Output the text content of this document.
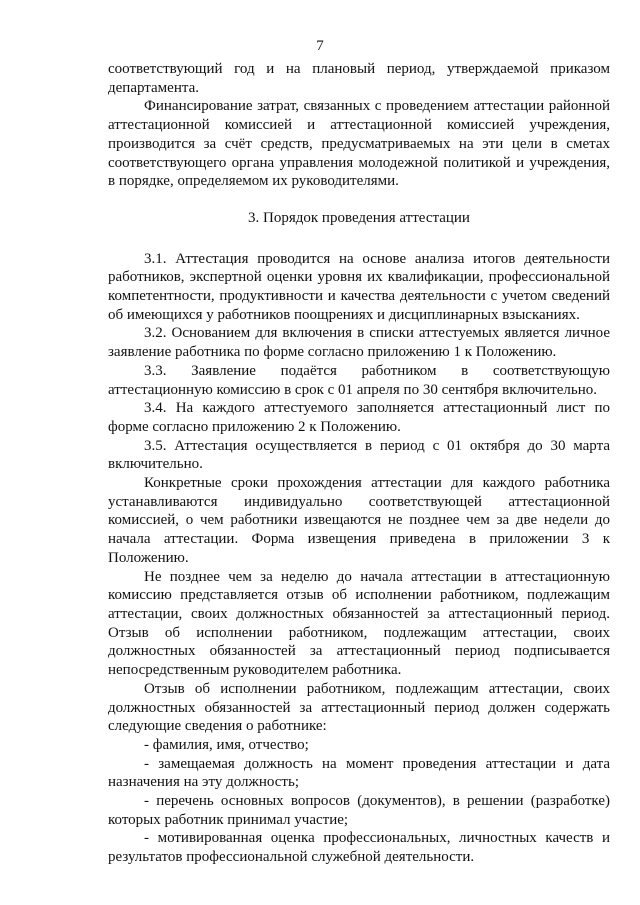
7

соответствующий год и на плановый период, утверждаемой приказом департамента.

Финансирование затрат, связанных с проведением аттестации районной аттестационной комиссией и аттестационной комиссией учреждения, производится за счёт средств, предусматриваемых на эти цели в сметах соответствующего органа управления молодежной политикой и учреждения, в порядке, определяемом их руководителями.

3. Порядок проведения аттестации

3.1. Аттестация проводится на основе анализа итогов деятельности работников, экспертной оценки уровня их квалификации, профессиональной компетентности, продуктивности и качества деятельности с учетом сведений об имеющихся у работников поощрениях и дисциплинарных взысканиях.

3.2. Основанием для включения в списки аттестуемых является личное заявление работника по форме согласно приложению 1 к Положению.

3.3. Заявление подаётся работником в соответствующую аттестационную комиссию в срок с 01 апреля по 30 сентября включительно.

3.4. На каждого аттестуемого заполняется аттестационный лист по форме согласно приложению 2 к Положению.

3.5. Аттестация осуществляется в период с 01 октября до 30 марта включительно.

Конкретные сроки прохождения аттестации для каждого работника устанавливаются индивидуально соответствующей аттестационной комиссией, о чем работники извещаются не позднее чем за две недели до начала аттестации. Форма извещения приведена в приложении 3 к Положению.

Не позднее чем за неделю до начала аттестации в аттестационную комиссию представляется отзыв об исполнении работником, подлежащим аттестации, своих должностных обязанностей за аттестационный период. Отзыв об исполнении работником, подлежащим аттестации, своих должностных обязанностей за аттестационный период подписывается непосредственным руководителем работника.

Отзыв об исполнении работником, подлежащим аттестации, своих должностных обязанностей за аттестационный период должен содержать следующие сведения о работнике:

- фамилия, имя, отчество;

- замещаемая должность на момент проведения аттестации и дата назначения на эту должность;

- перечень основных вопросов (документов), в решении (разработке) которых работник принимал участие;

- мотивированная оценка профессиональных, личностных качеств и результатов профессиональной служебной деятельности.
